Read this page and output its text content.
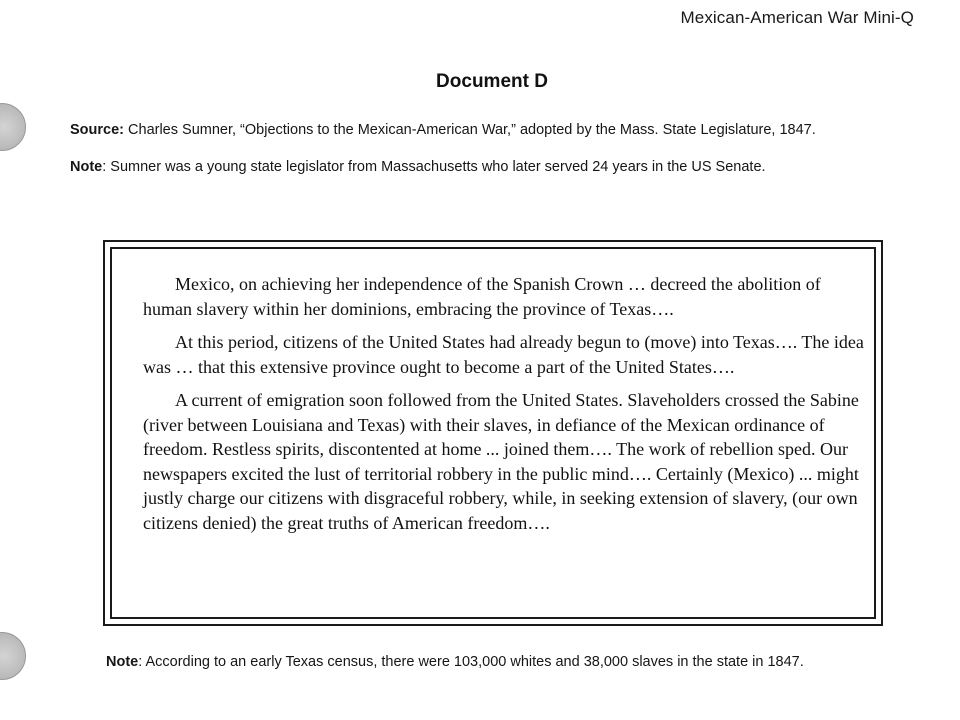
Mexican-American War Mini-Q
Document D
Source: Charles Sumner, “Objections to the Mexican-American War,” adopted by the Mass. State Legislature, 1847.
Note: Sumner was a young state legislator from Massachusetts who later served 24 years in the US Senate.

Mexico, on achieving her independence of the Spanish Crown … decreed the abolition of human slavery within her dominions, embracing the province of Texas….

At this period, citizens of the United States had already begun to (move) into Texas…. The idea was … that this extensive province ought to become a part of the United States….

A current of emigration soon followed from the United States. Slaveholders crossed the Sabine (river between Louisiana and Texas) with their slaves, in defiance of the Mexican ordinance of freedom. Restless spirits, discontented at home ... joined them…. The work of rebellion sped. Our newspapers excited the lust of territorial robbery in the public mind…. Certainly (Mexico) ... might justly charge our citizens with disgraceful robbery, while, in seeking extension of slavery, (our own citizens denied) the great truths of American freedom….

Note: According to an early Texas census, there were 103,000 whites and 38,000 slaves in the state in 1847.
